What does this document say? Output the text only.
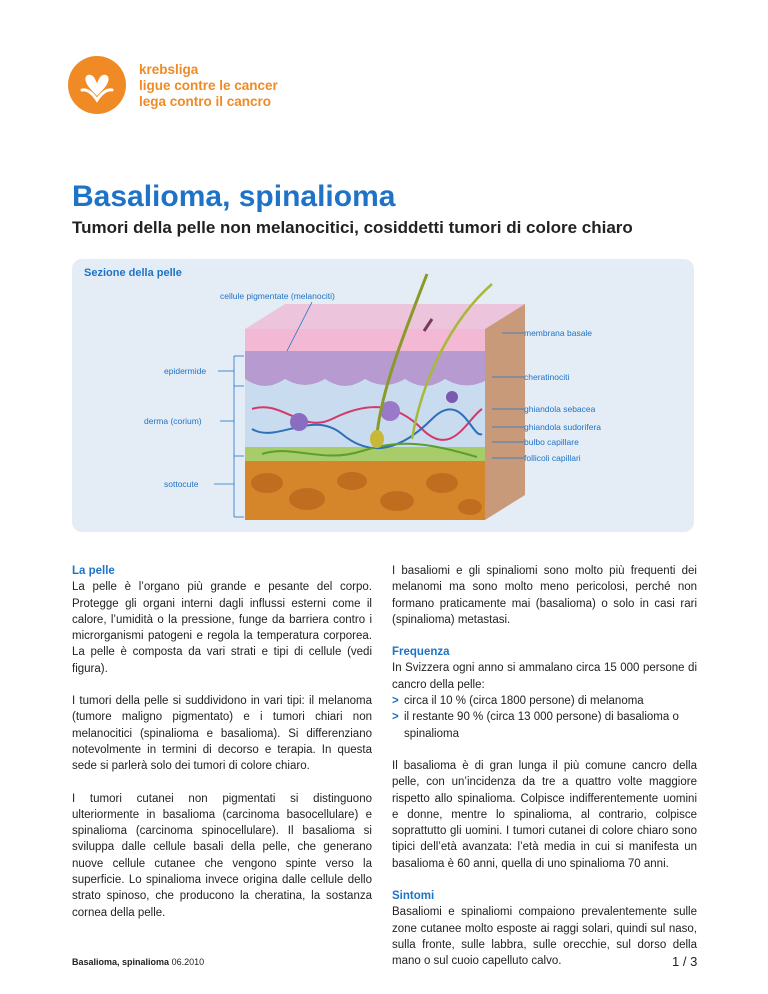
krebsliga
ligue contre le cancer
lega contro il cancro
Basalioma, spinalioma
Tumori della pelle non melanocitici, cosiddetti tumori di colore chiaro
Sezione della pelle
cellule pigmentate (melanociti)
membrana basale
epidermide
cheratinociti
derma (corium)
ghiandola sebacea
ghiandola sudorifera
bulbo capillare
follicoli capillari
sottocute
La pelle

La pelle è l’organo più grande e pesante del corpo. Protegge gli organi interni dagli influssi esterni come il calore, l’umidità o la pressione, funge da barriera contro i microrganismi patogeni e regola la temperatura corporea. La pelle è composta da vari strati e tipi di cellule (vedi figura).

I tumori della pelle si suddividono in vari tipi: il melanoma (tumore maligno pigmentato) e i tumori chiari non melanocitici (spinalioma e basalioma). Si differenziano notevolmente in termini di decorso e terapia. In questa sede si parlerà solo dei tumori di colore chiaro.

I tumori cutanei non pigmentati si distinguono ulteriormente in basalioma (carcinoma basocellulare) e spinalioma (carcinoma spinocellulare). Il basalioma si sviluppa dalle cellule basali della pelle, che generano nuove cellule cutanee che vengono spinte verso la superficie. Lo spinalioma invece origina dalle cellule dello strato spinoso, che producono la cheratina, la sostanza cornea della pelle.

I basaliomi e gli spinaliomi sono molto più frequenti dei melanomi ma sono molto meno pericolosi, perché non formano praticamente mai (basalioma) o solo in casi rari (spinalioma) metastasi.

Frequenza

In Svizzera ogni anno si ammalano circa 15 000 persone di cancro della pelle:

> circa il 10 % (circa 1800 persone) di melanoma
> il restante 90 % (circa 13 000 persone) di basalioma o spinalioma

Il basalioma è di gran lunga il più comune cancro della pelle, con un’incidenza da tre a quattro volte maggiore rispetto allo spinalioma. Colpisce indifferentemente uomini e donne, mentre lo spinalioma, al contrario, colpisce soprattutto gli uomini. I tumori cutanei di colore chiaro sono tipici dell’età avanzata: l’età media in cui si manifesta un basalioma è 60 anni, quella di uno spinalioma 70 anni.

Sintomi

Basaliomi e spinaliomi compaiono prevalentemente sulle zone cutanee molto esposte ai raggi solari, quindi sul naso, sulla fronte, sulle labbra, sulle orecchie, sul dorso della mano o sul cuoio capelluto calvo.

Basalioma, spinalioma 06.2010	1 / 3
